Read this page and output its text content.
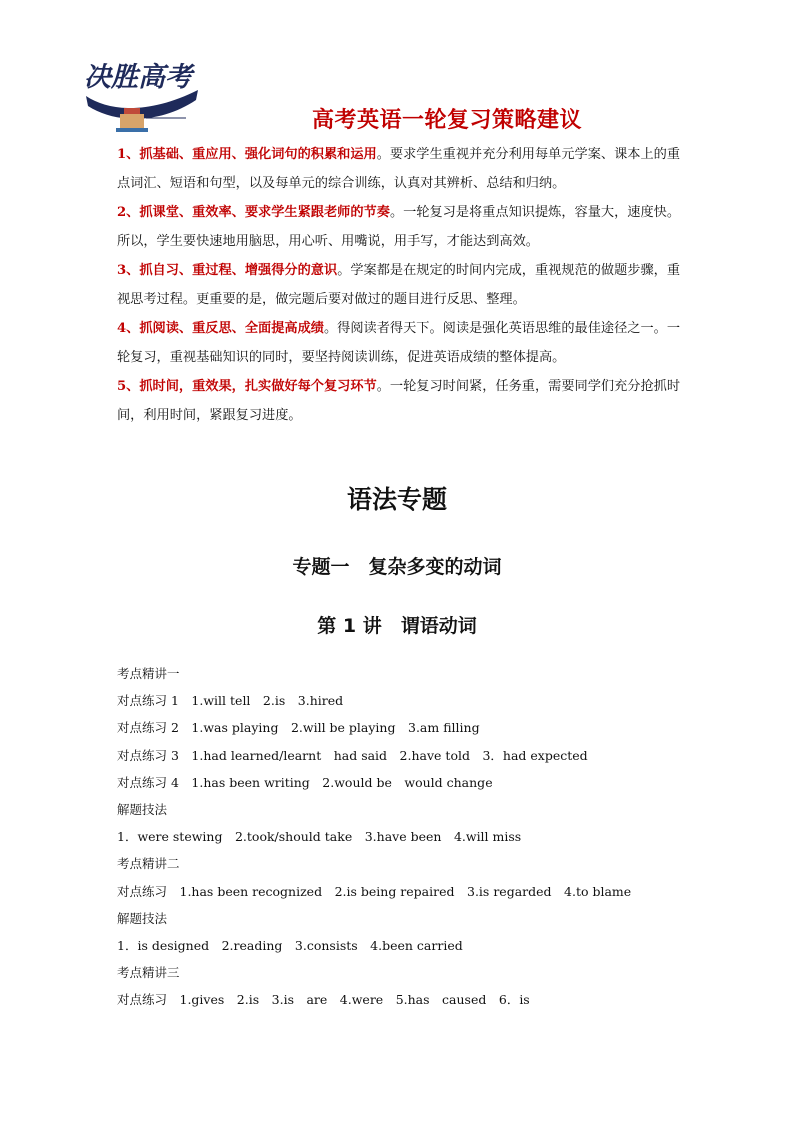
决胜高考
高考英语一轮复习策略建议

1、抓基础、重应用、强化词句的积累和运用。要求学生重视并充分利用每单元学案、课本上的重点词汇、短语和句型，以及每单元的综合训练，认真对其辨析、总结和归纳。

2、抓课堂、重效率、要求学生紧跟老师的节奏。一轮复习是将重点知识提炼，容量大，速度快。所以，学生要快速地用脑思，用心听、用嘴说，用手写，才能达到高效。

3、抓自习、重过程、增强得分的意识。学案都是在规定的时间内完成，重视规范的做题步骤，重视思考过程。更重要的是，做完题后要对做过的题目进行反思、整理。

4、抓阅读、重反思、全面提高成绩。得阅读者得天下。阅读是强化英语思维的最佳途径之一。一轮复习，重视基础知识的同时，要坚持阅读训练，促进英语成绩的整体提高。

5、抓时间，重效果，扎实做好每个复习环节。一轮复习时间紧，任务重，需要同学们充分抢抓时间，利用时间，紧跟复习进度。

语法专题
专题一　复杂多变的动词
第 1 讲　谓语动词
考点精讲一
对点练习 1　1.will tell　2.is　3.hired
对点练习 2　1.was playing　2.will be playing　3.am filling
对点练习 3　1.had learned/learnt　had said　2.have told　3．had expected
对点练习 4　1.has been writing　2.would be　would change
解题技法
1．were stewing　2.took/should take　3.have been　4.will miss
考点精讲二
对点练习　1.has been recognized　2.is being repaired　3.is regarded　4.to blame
解题技法
1．is designed　2.reading　3.consists　4.been carried
考点精讲三
对点练习　1.gives　2.is　3.is　are　4.were　5.has　caused　6．is
